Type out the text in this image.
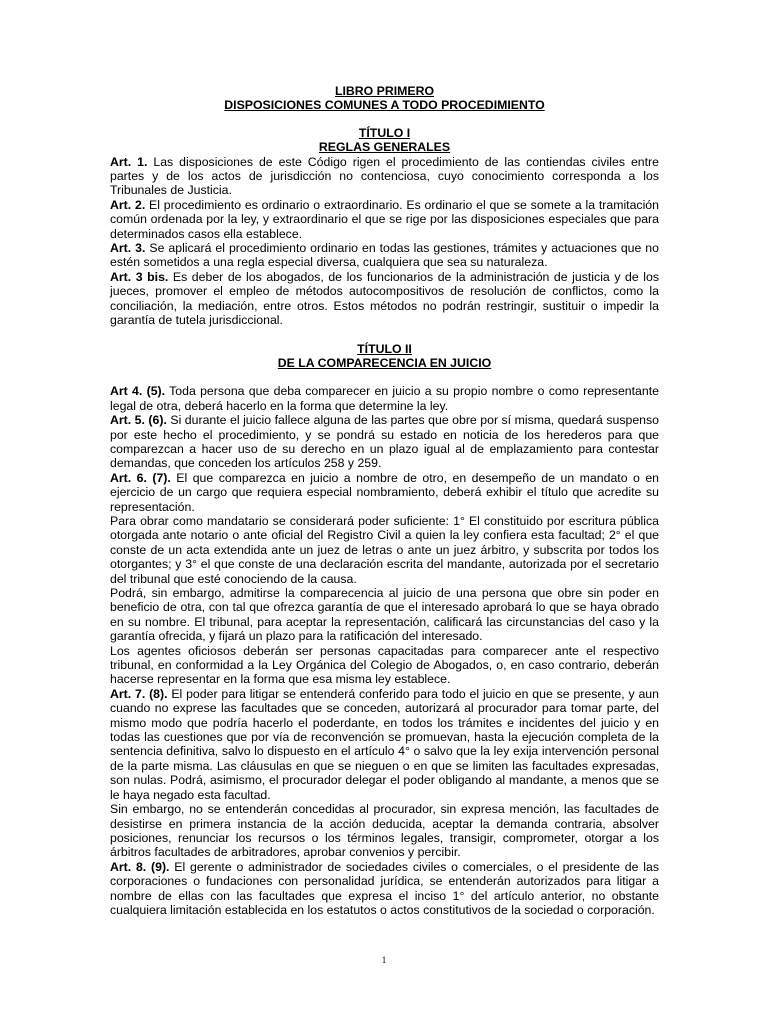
LIBRO PRIMERO

DISPOSICIONES COMUNES A TODO PROCEDIMIENTO

TÍTULO I

REGLAS GENERALES

Art. 1. Las disposiciones de este Código rigen el procedimiento de las contiendas civiles entre partes y de los actos de jurisdicción no contenciosa, cuyo conocimiento corresponda a los Tribunales de Justicia.

Art. 2. El procedimiento es ordinario o extraordinario. Es ordinario el que se somete a la tramitación común ordenada por la ley, y extraordinario el que se rige por las disposiciones especiales que para determinados casos ella establece.

Art. 3. Se aplicará el procedimiento ordinario en todas las gestiones, trámites y actuaciones que no estén sometidos a una regla especial diversa, cualquiera que sea su naturaleza.

Art. 3 bis. Es deber de los abogados, de los funcionarios de la administración de justicia y de los jueces, promover el empleo de métodos autocompositivos de resolución de conflictos, como la conciliación, la mediación, entre otros. Estos métodos no podrán restringir, sustituir o impedir la garantía de tutela jurisdiccional.

TÍTULO II

DE LA COMPARECENCIA EN JUICIO

Art 4. (5). Toda persona que deba comparecer en juicio a su propio nombre o como representante legal de otra, deberá hacerlo en la forma que determine la ley.

Art. 5. (6). Si durante el juicio fallece alguna de las partes que obre por sí misma, quedará suspenso por este hecho el procedimiento, y se pondrá su estado en noticia de los herederos para que comparezcan a hacer uso de su derecho en un plazo igual al de emplazamiento para contestar demandas, que conceden los artículos 258 y 259.

Art. 6. (7). El que comparezca en juicio a nombre de otro, en desempeño de un mandato o en ejercicio de un cargo que requiera especial nombramiento, deberá exhibir el título que acredite su representación.

Para obrar como mandatario se considerará poder suficiente: 1° El constituido por escritura pública otorgada ante notario o ante oficial del Registro Civil a quien la ley confiera esta facultad; 2° el que conste de un acta extendida ante un juez de letras o ante un juez árbitro, y subscrita por todos los otorgantes; y 3° el que conste de una declaración escrita del mandante, autorizada por el secretario del tribunal que esté conociendo de la causa.

Podrá, sin embargo, admitirse la comparecencia al juicio de una persona que obre sin poder en beneficio de otra, con tal que ofrezca garantía de que el interesado aprobará lo que se haya obrado en su nombre. El tribunal, para aceptar la representación, calificará las circunstancias del caso y la garantía ofrecida, y fijará un plazo para la ratificación del interesado.

Los agentes oficiosos deberán ser personas capacitadas para comparecer ante el respectivo tribunal, en conformidad a la Ley Orgánica del Colegio de Abogados, o, en caso contrario, deberán hacerse representar en la forma que esa misma ley establece.

Art. 7. (8). El poder para litigar se entenderá conferido para todo el juicio en que se presente, y aun cuando no exprese las facultades que se conceden, autorizará al procurador para tomar parte, del mismo modo que podría hacerlo el poderdante, en todos los trámites e incidentes del juicio y en todas las cuestiones que por vía de reconvención se promuevan, hasta la ejecución completa de la sentencia definitiva, salvo lo dispuesto en el artículo 4° o salvo que la ley exija intervención personal de la parte misma. Las cláusulas en que se nieguen o en que se limiten las facultades expresadas, son nulas. Podrá, asimismo, el procurador delegar el poder obligando al mandante, a menos que se le haya negado esta facultad.

Sin embargo, no se entenderán concedidas al procurador, sin expresa mención, las facultades de desistirse en primera instancia de la acción deducida, aceptar la demanda contraria, absolver posiciones, renunciar los recursos o los términos legales, transigir, comprometer, otorgar a los árbitros facultades de arbitradores, aprobar convenios y percibir.

Art. 8. (9). El gerente o administrador de sociedades civiles o comerciales, o el presidente de las corporaciones o fundaciones con personalidad jurídica, se entenderán autorizados para litigar a nombre de ellas con las facultades que expresa el inciso 1° del artículo anterior, no obstante cualquiera limitación establecida en los estatutos o actos constitutivos de la sociedad o corporación.

1
